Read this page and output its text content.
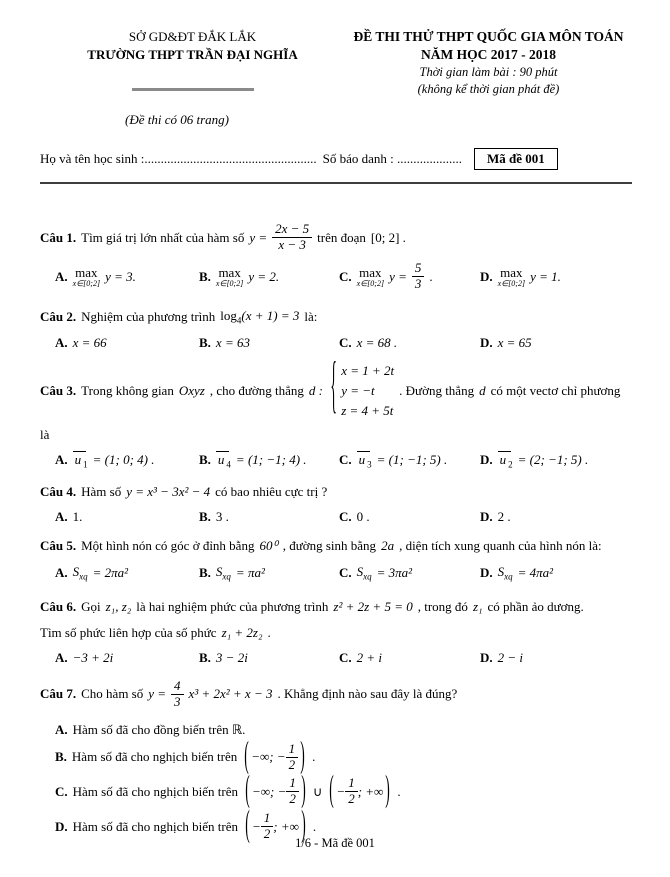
SỞ GD&ĐT ĐẮK LẮK
TRƯỜNG THPT TRẦN ĐẠI NGHĨA
ĐỀ THI THỬ THPT QUỐC GIA MÔN TOÁN
NĂM HỌC 2017 - 2018
Thời gian làm bài : 90 phút
(không kể thời gian phát đề)
(Đề thi có 06 trang)
Họ và tên học sinh :..................................................... Số báo danh : ....................	Mã đề 001
Câu 1. Tìm giá trị lớn nhất của hàm số $y = \frac{2x - 5}{x - 3}$ trên đoạn [0; 2] .
A. max
x∈[0;2] y = 3.	B. max
x∈[0;2] y = 2.	C. max
x∈[0;2] $y = \frac{5}{3}$ .	D. max
x∈[0;2] y = 1.
Câu 2. Nghiệm của phương trình $\log_4(x + 1) = 3$ là:
A. x = 66	B. x = 63	C. x = 68 .	D. x = 65
Câu 3. Trong không gian Oxyz , cho đường thẳng d : { x = 1 + 2t
y = −t
z = 4 + 5t
. Đường thẳng d có một vectơ chỉ phương
là
A. u $_1$ = (1; 0; 4) .	B. u $_4$ = (1; −1; 4) . C. u $_3$ = (1; −1; 5) .	D. u $_2$ = (2; −1; 5) .
Câu 4. Hàm số y = x³ − 3x² − 4 có bao nhiêu cực trị ?
A. 1.	B. 3 .	C. 0 .	D. 2 .
Câu 5. Một hình nón có góc ở đỉnh bằng 60⁰ , đường sinh bằng 2a , diện tích xung quanh của hình nón là:
A. $S_{xq} = 2\pi a^2$	B. $S_{xq} = \pi a^2$	C. $S_{xq} = 3\pi a^2$	D. $S_{xq} = 4\pi a^2$
Câu 6. Gọi z₁, z₂ là hai nghiệm phức của phương trình z² + 2z + 5 = 0 , trong đó z₁ có phần ảo dương.
Tìm số phức liên hợp của số phức z₁ + 2z₂ .
A. −3 + 2i	B. 3 − 2i	C. 2 + i	D. 2 − i
Câu 7. Cho hàm số $y = \frac{4}{3} x^3 + 2x^2 + x - 3$ . Khẳng định nào sau đây là đúng?
A. Hàm số đã cho đồng biến trên ℝ.
B. Hàm số đã cho nghịch biến trên ( −∞; − $\frac{1}{2}$ ) .
C. Hàm số đã cho nghịch biến trên ( −∞; − $\frac{1}{2}$ ) ∪ ( − $\frac{1}{2}$ ; +∞ ) .
D. Hàm số đã cho nghịch biến trên ( − $\frac{1}{2}$ ; +∞ ) .
1/6 - Mã đề 001
